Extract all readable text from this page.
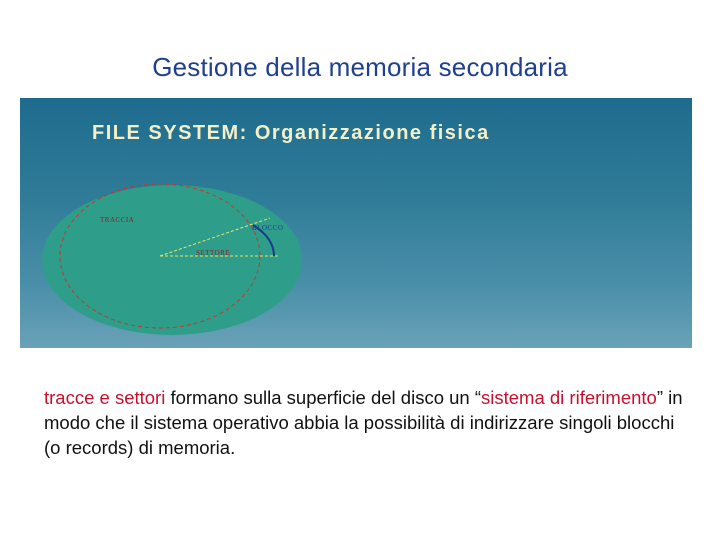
Gestione della memoria secondaria
FILE SYSTEM: Organizzazione fisica
TRACCIA
BLOCCO
SETTORE
tracce e settori formano sulla superficie del disco un “sistema di riferimento” in modo che il sistema operativo abbia la possibilità di indirizzare singoli blocchi (o records) di memoria.
